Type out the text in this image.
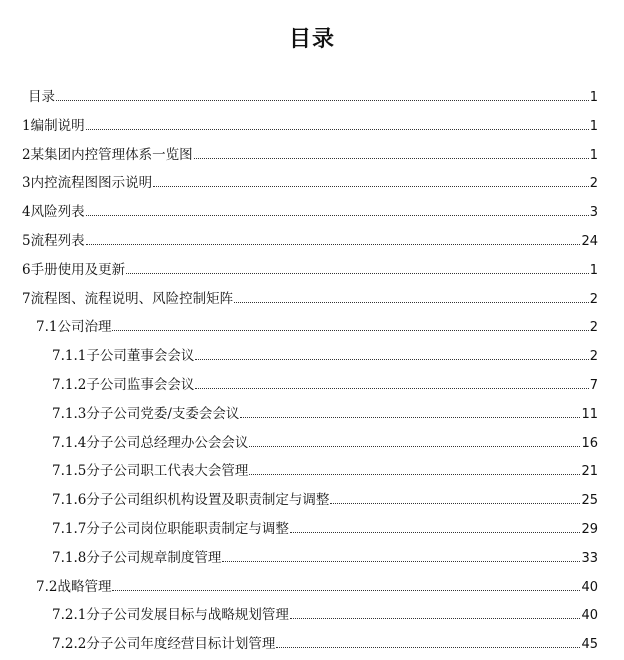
目录
目录	1
1编制说明	1
2某集团内控管理体系一览图	1
3内控流程图图示说明	2
4风险列表	3
5流程列表	24
6手册使用及更新	1
7流程图、流程说明、风险控制矩阵	2
7.1公司治理	2
7.1.1子公司董事会会议	2
7.1.2子公司监事会会议	7
7.1.3分子公司党委/支委会会议	11
7.1.4分子公司总经理办公会会议	16
7.1.5分子公司职工代表大会管理	21
7.1.6分子公司组织机构设置及职责制定与调整	25
7.1.7分子公司岗位职能职责制定与调整	29
7.1.8分子公司规章制度管理	33
7.2战略管理	40
7.2.1分子公司发展目标与战略规划管理	40
7.2.2分子公司年度经营目标计划管理	45
